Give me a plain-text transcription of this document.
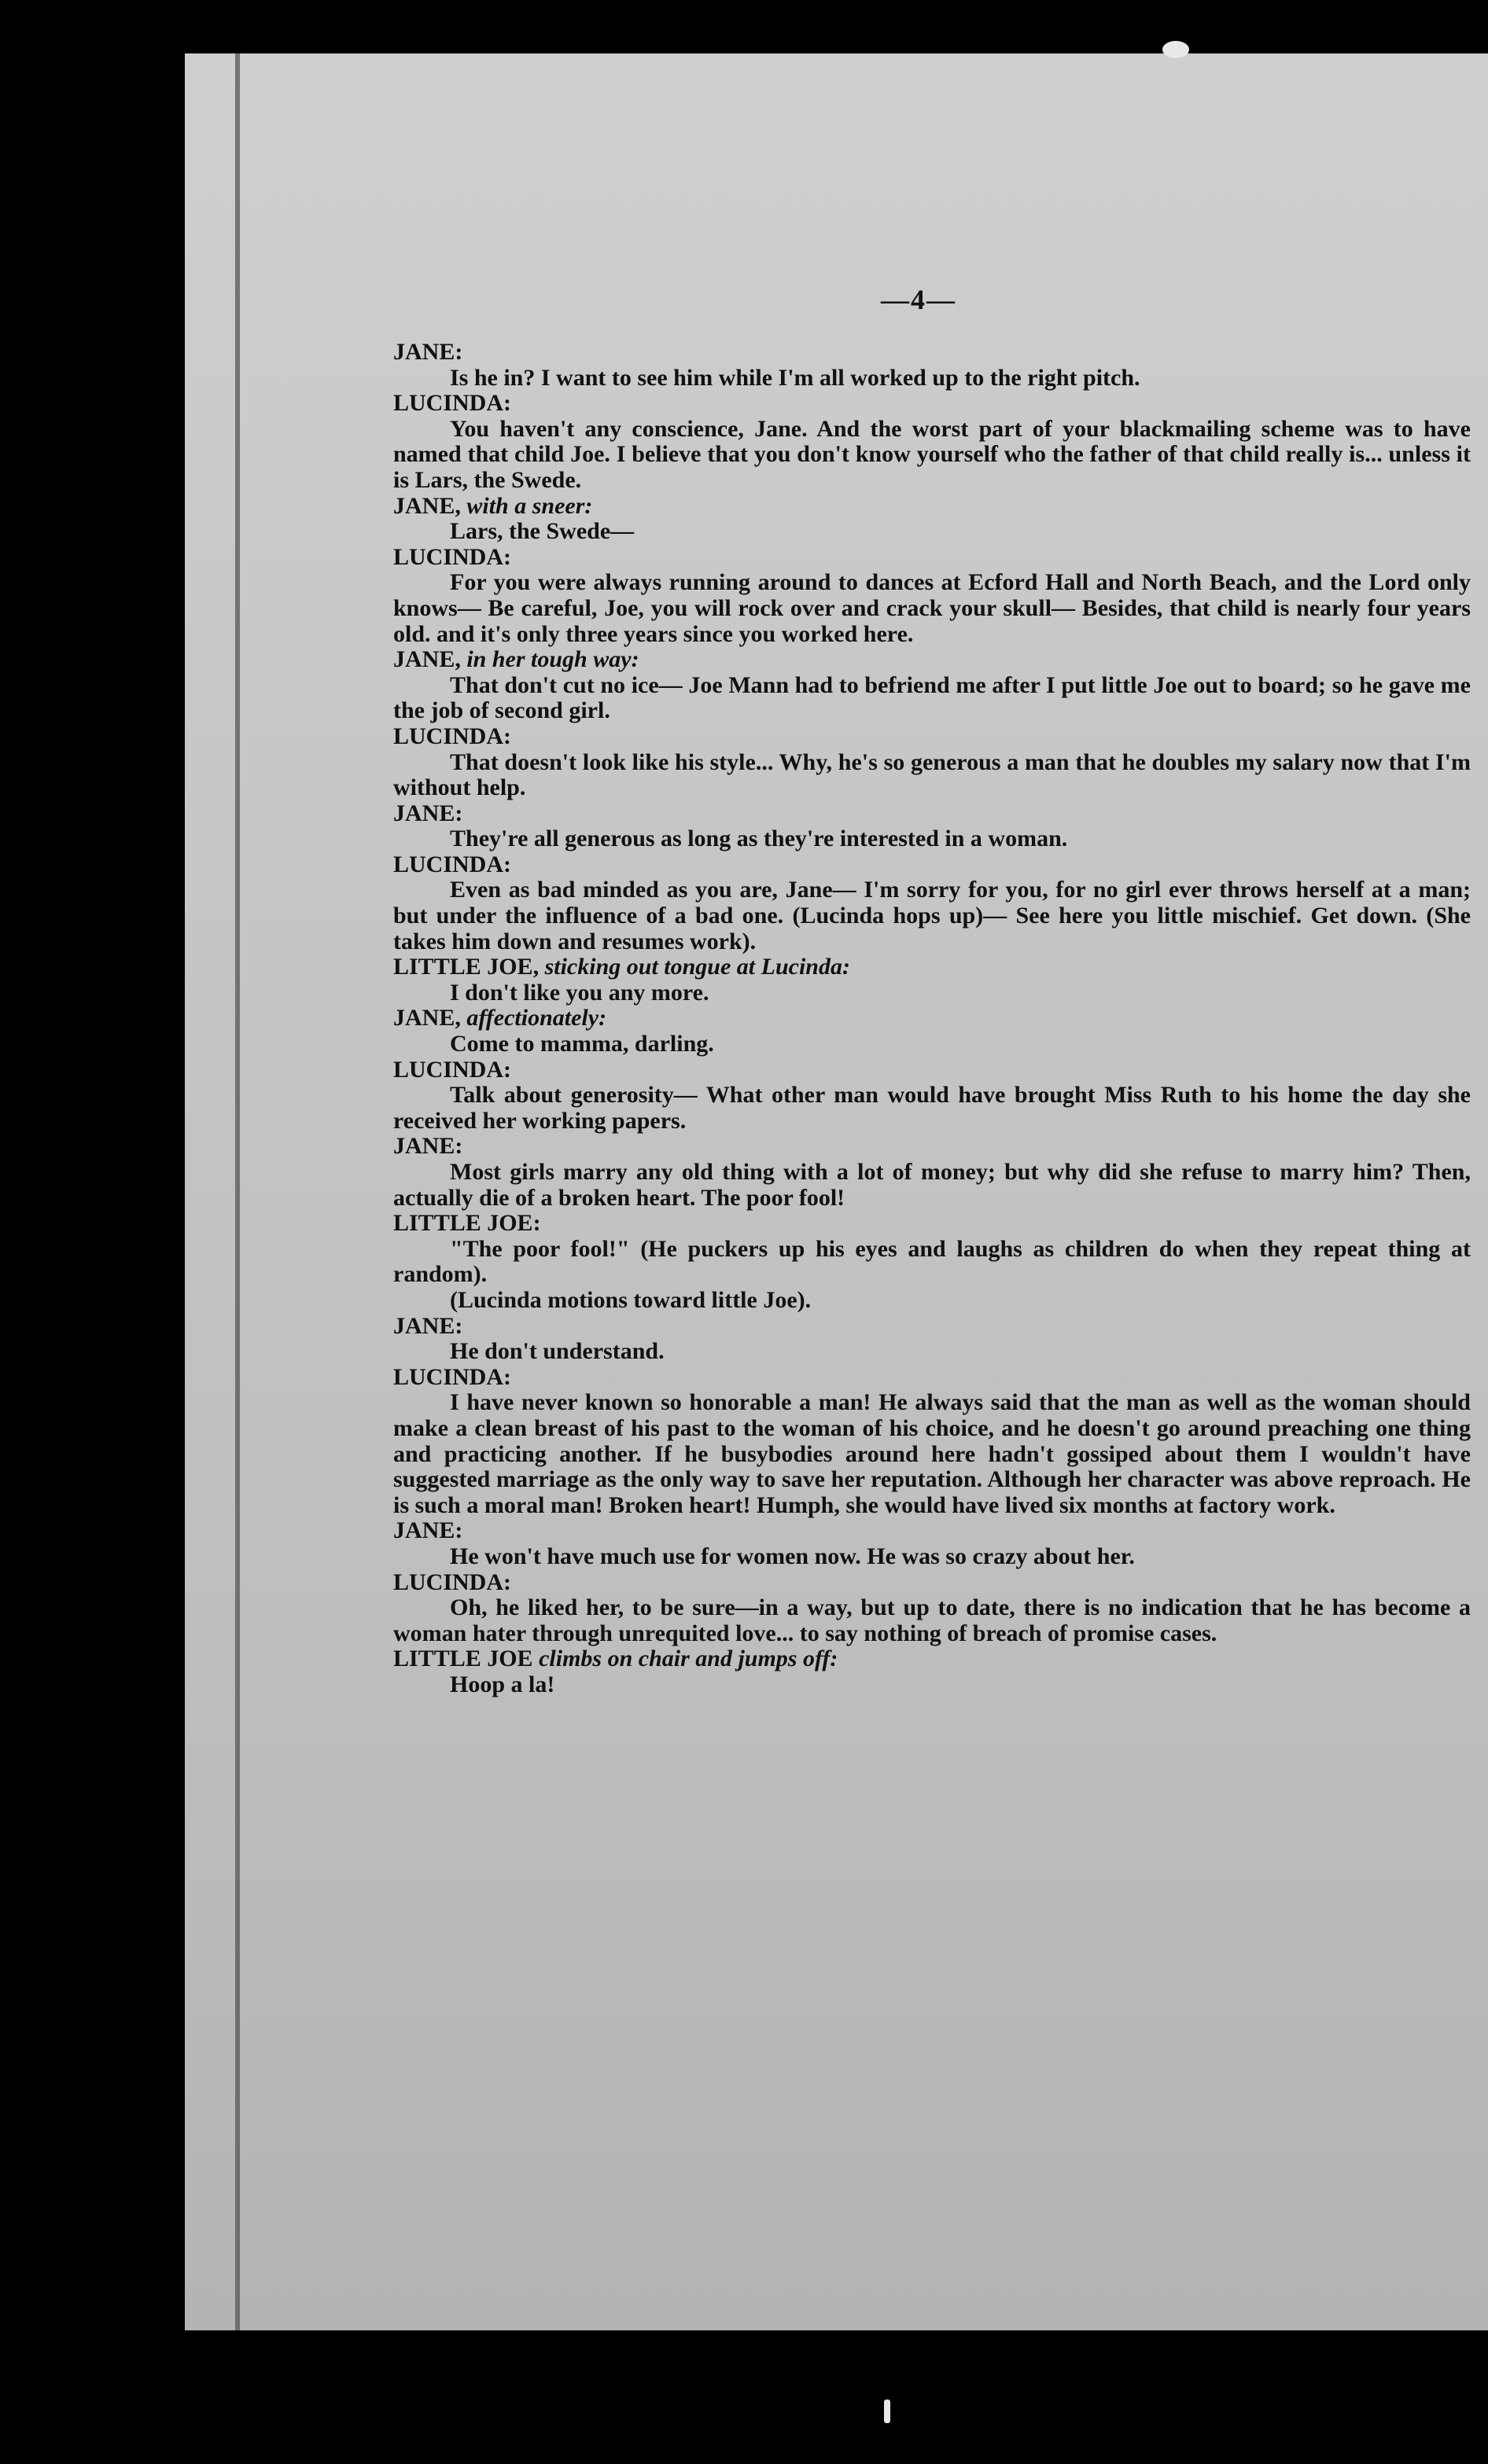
—4—
JANE:

Is he in? I want to see him while I'm all worked up to the right pitch.

LUCINDA:

You haven't any conscience, Jane. And the worst part of your blackmailing scheme was to have named that child Joe. I believe that you don't know yourself who the father of that child really is... unless it is Lars, the Swede.

JANE, with a sneer:

Lars, the Swede—

LUCINDA:

For you were always running around to dances at Ecford Hall and North Beach, and the Lord only knows— Be careful, Joe, you will rock over and crack your skull— Besides, that child is nearly four years old. and it's only three years since you worked here.

JANE, in her tough way:

That don't cut no ice— Joe Mann had to befriend me after I put little Joe out to board; so he gave me the job of second girl.

LUCINDA:

That doesn't look like his style... Why, he's so generous a man that he doubles my salary now that I'm without help.

JANE:

They're all generous as long as they're interested in a woman.

LUCINDA:

Even as bad minded as you are, Jane— I'm sorry for you, for no girl ever throws herself at a man; but under the influence of a bad one. (Lucinda hops up)— See here you little mischief. Get down. (She takes him down and resumes work).

LITTLE JOE, sticking out tongue at Lucinda:

I don't like you any more.

JANE, affectionately:

Come to mamma, darling.

LUCINDA:

Talk about generosity— What other man would have brought Miss Ruth to his home the day she received her working papers.

JANE:

Most girls marry any old thing with a lot of money; but why did she refuse to marry him? Then, actually die of a broken heart. The poor fool!

LITTLE JOE:

"The poor fool!" (He puckers up his eyes and laughs as children do when they repeat thing at random).

(Lucinda motions toward little Joe).

JANE:

He don't understand.

LUCINDA:

I have never known so honorable a man! He always said that the man as well as the woman should make a clean breast of his past to the woman of his choice, and he doesn't go around preaching one thing and practicing another. If he busybodies around here hadn't gossiped about them I wouldn't have suggested marriage as the only way to save her reputation. Although her character was above reproach. He is such a moral man! Broken heart! Humph, she would have lived six months at factory work.

JANE:

He won't have much use for women now. He was so crazy about her.

LUCINDA:

Oh, he liked her, to be sure—in a way, but up to date, there is no indication that he has become a woman hater through unrequited love... to say nothing of breach of promise cases.

LITTLE JOE climbs on chair and jumps off:

Hoop a la!
